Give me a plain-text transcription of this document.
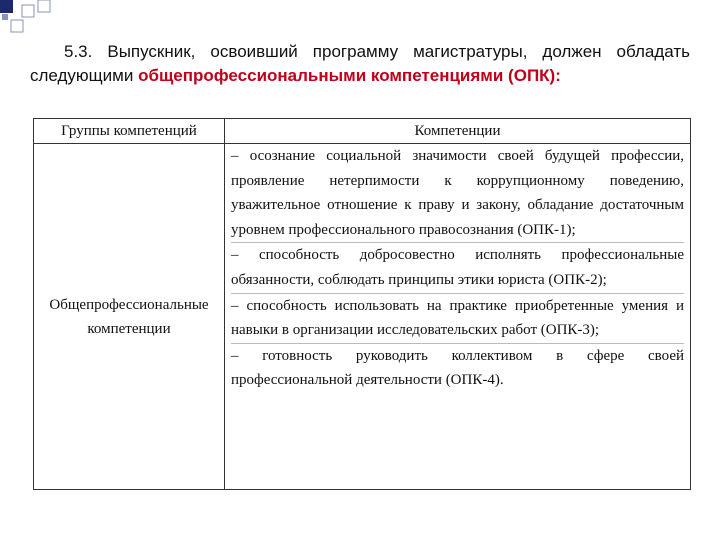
5.3. Выпускник, освоивший программу магистратуры, должен обладать следующими общепрофессиональными компетенциями (ОПК):
Группы компетенций	Компетенции
Общепрофессиональные компетенции	– осознание социальной значимости своей будущей профессии, проявление нетерпимости к коррупционному поведению, уважительное отношение к праву и закону, обладание достаточным уровнем профессионального правосознания (ОПК-1);
– способность добросовестно исполнять профессиональные обязанности, соблюдать принципы этики юриста (ОПК-2);
– способность использовать на практике приобретенные умения и навыки в организации исследовательских работ (ОПК-3);
– готовность руководить коллективом в сфере своей профессиональной деятельности (ОПК-4).
